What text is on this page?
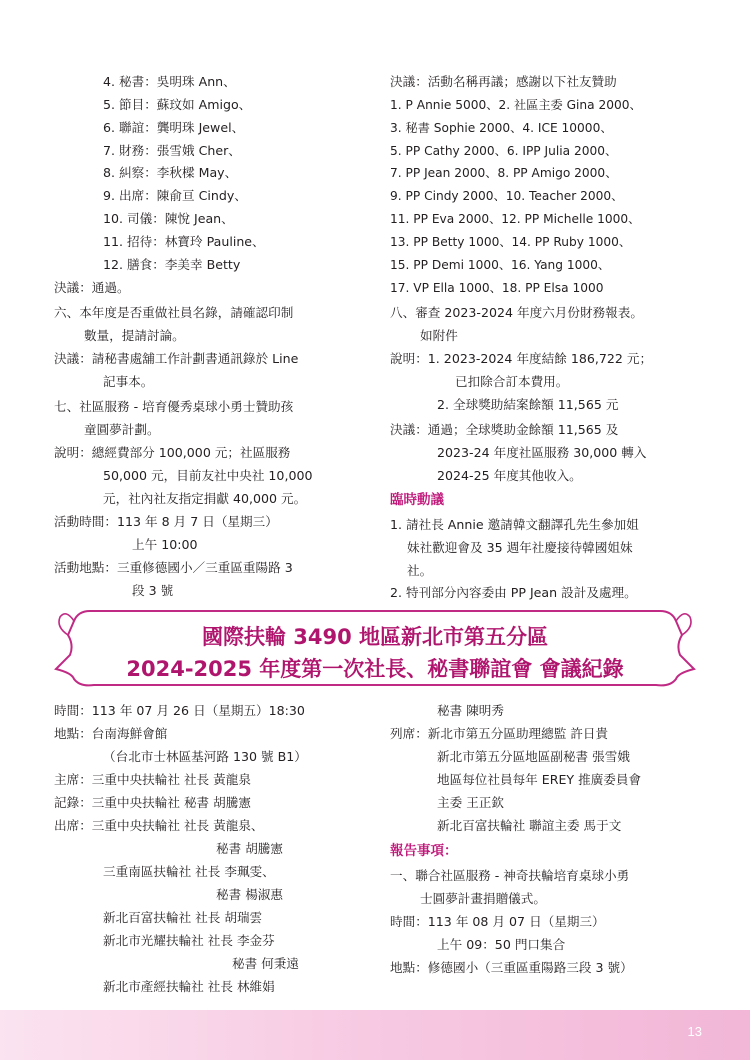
4. 秘書：吳明珠 Ann、
5. 節目：蘇玟如 Amigo、
6. 聯誼：龔明珠 Jewel、
7. 財務：張雪娥 Cher、
8. 糾察：李秋樑 May、
9. 出席：陳俞亘 Cindy、
10. 司儀：陳悅 Jean、
11. 招待：林寶玲 Pauline、
12. 膳食：李美幸 Betty
決議：通過。
六、本年度是否重做社員名錄，請確認印制
數量，提請討論。
決議：請秘書處舖工作計劃書通訊錄於 Line
記事本。
七、社區服務 - 培育優秀桌球小勇士贊助孩
童圓夢計劃。
說明：總經費部分 100,000 元；社區服務
50,000 元，目前友社中央社 10,000
元，社內社友指定捐獻 40,000 元。
活動時間：113 年 8 月 7 日（星期三）
上午 10:00
活動地點：三重修德國小／三重區重陽路 3
段 3 號
決議：活動名稱再議；感謝以下社友贊助
1. P Annie 5000、2. 社區主委 Gina 2000、
3. 秘書 Sophie 2000、4. ICE 10000、
5. PP Cathy 2000、6. IPP Julia 2000、
7. PP Jean 2000、8. PP Amigo 2000、
9. PP Cindy 2000、10. Teacher 2000、
11. PP Eva 2000、12. PP Michelle 1000、
13. PP Betty 1000、14. PP Ruby 1000、
15. PP Demi 1000、16. Yang 1000、
17. VP Ella 1000、18. PP Elsa 1000
八、審查 2023-2024 年度六月份財務報表。
如附件
說明：1. 2023-2024 年度結餘 186,722 元；
已扣除合訂本費用。
2. 全球獎助結案餘額 11,565 元
決議：通過；全球獎助金餘額 11,565 及
2023-24 年度社區服務 30,000 轉入
2024-25 年度其他收入。
臨時動議
1. 請社長 Annie 邀請韓文翻譯孔先生參加姐
妹社歡迎會及 35 週年社慶接待韓國姐妹
社。
2. 特刊部分內容委由 PP Jean 設計及處理。
國際扶輪 3490 地區新北市第五分區
2024-2025 年度第一次社長、秘書聯誼會 會議紀錄
時間：113 年 07 月 26 日（星期五）18:30
地點：台南海鮮會館
（台北市士林區基河路 130 號 B1）
主席：三重中央扶輪社 社長 黃龍泉
記錄：三重中央扶輪社 秘書 胡騰憲
出席：三重中央扶輪社 社長 黃龍泉、
秘書 胡騰憲
三重南區扶輪社 社長 李珮雯、
秘書 楊淑惠
新北百富扶輪社 社長 胡瑞雲
新北市光耀扶輪社 社長 李金芬
秘書 何秉遠
新北市產經扶輪社 社長 林維娟
秘書 陳明秀
列席：新北市第五分區助理總監 許日貴
新北市第五分區地區副秘書 張雪娥
地區每位社員每年 EREY 推廣委員會
主委 王正欽
新北百富扶輪社 聯誼主委 馬于文
報告事項：
一、聯合社區服務 - 神奇扶輪培育桌球小勇
士圓夢計畫捐贈儀式。
時間：113 年 08 月 07 日（星期三）
上午 09：50 門口集合
地點：修德國小（三重區重陽路三段 3 號）
13
